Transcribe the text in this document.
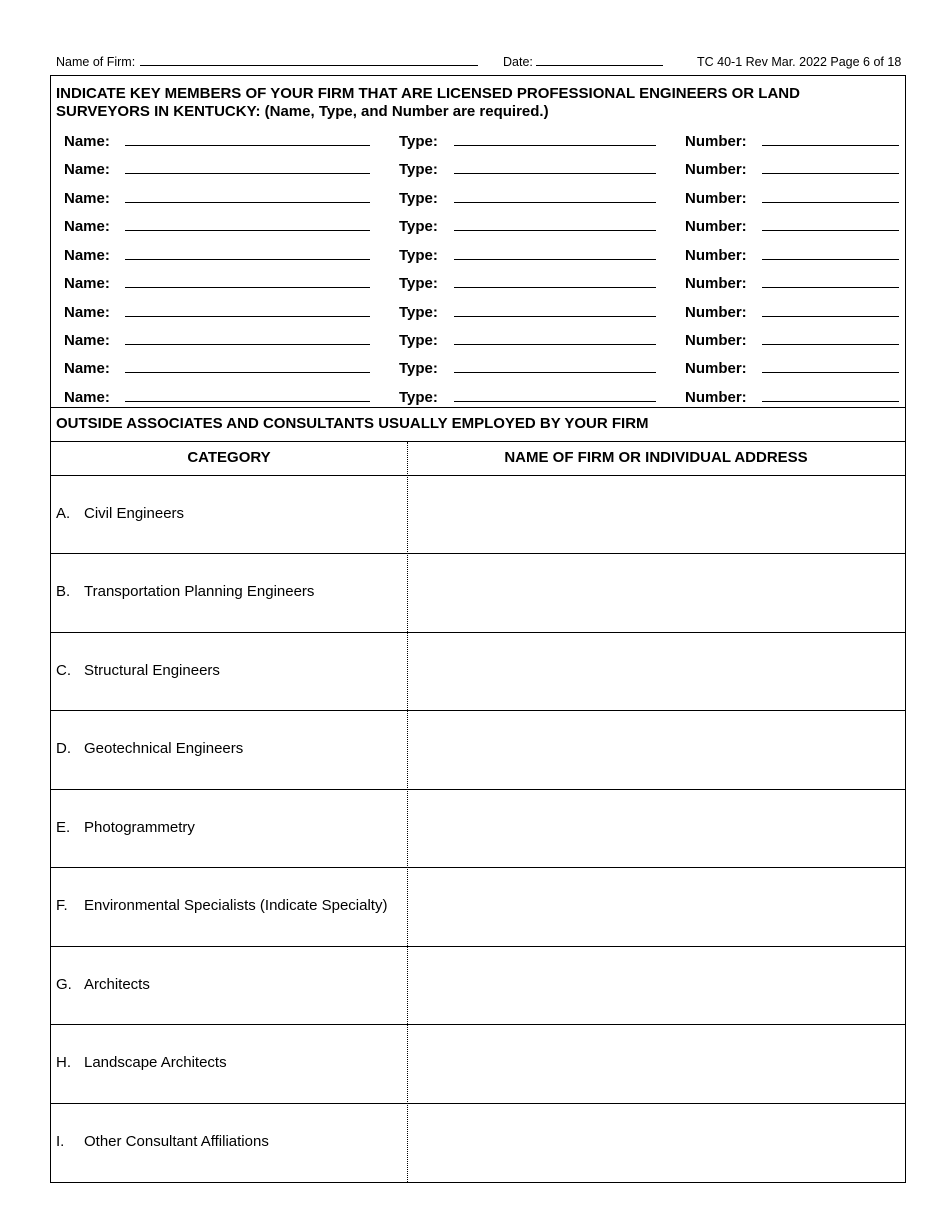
Name of Firm:	Date:	TC 40-1 Rev Mar. 2022 Page 6 of 18
INDICATE KEY MEMBERS OF YOUR FIRM THAT ARE LICENSED PROFESSIONAL ENGINEERS OR LAND SURVEYORS IN KENTUCKY: (Name, Type, and Number are required.)
Name:	Type:	Number:
Name:	Type:	Number:
Name:	Type:	Number:
Name:	Type:	Number:
Name:	Type:	Number:
Name:	Type:	Number:
Name:	Type:	Number:
Name:	Type:	Number:
Name:	Type:	Number:
Name:	Type:	Number:
OUTSIDE ASSOCIATES AND CONSULTANTS USUALLY EMPLOYED BY YOUR FIRM
CATEGORY	NAME OF FIRM OR INDIVIDUAL ADDRESS
A. Civil Engineers
B. Transportation Planning Engineers
C. Structural Engineers
D. Geotechnical Engineers
E. Photogrammetry
F. Environmental Specialists (Indicate Specialty)
G. Architects
H. Landscape Architects
I. Other Consultant Affiliations
